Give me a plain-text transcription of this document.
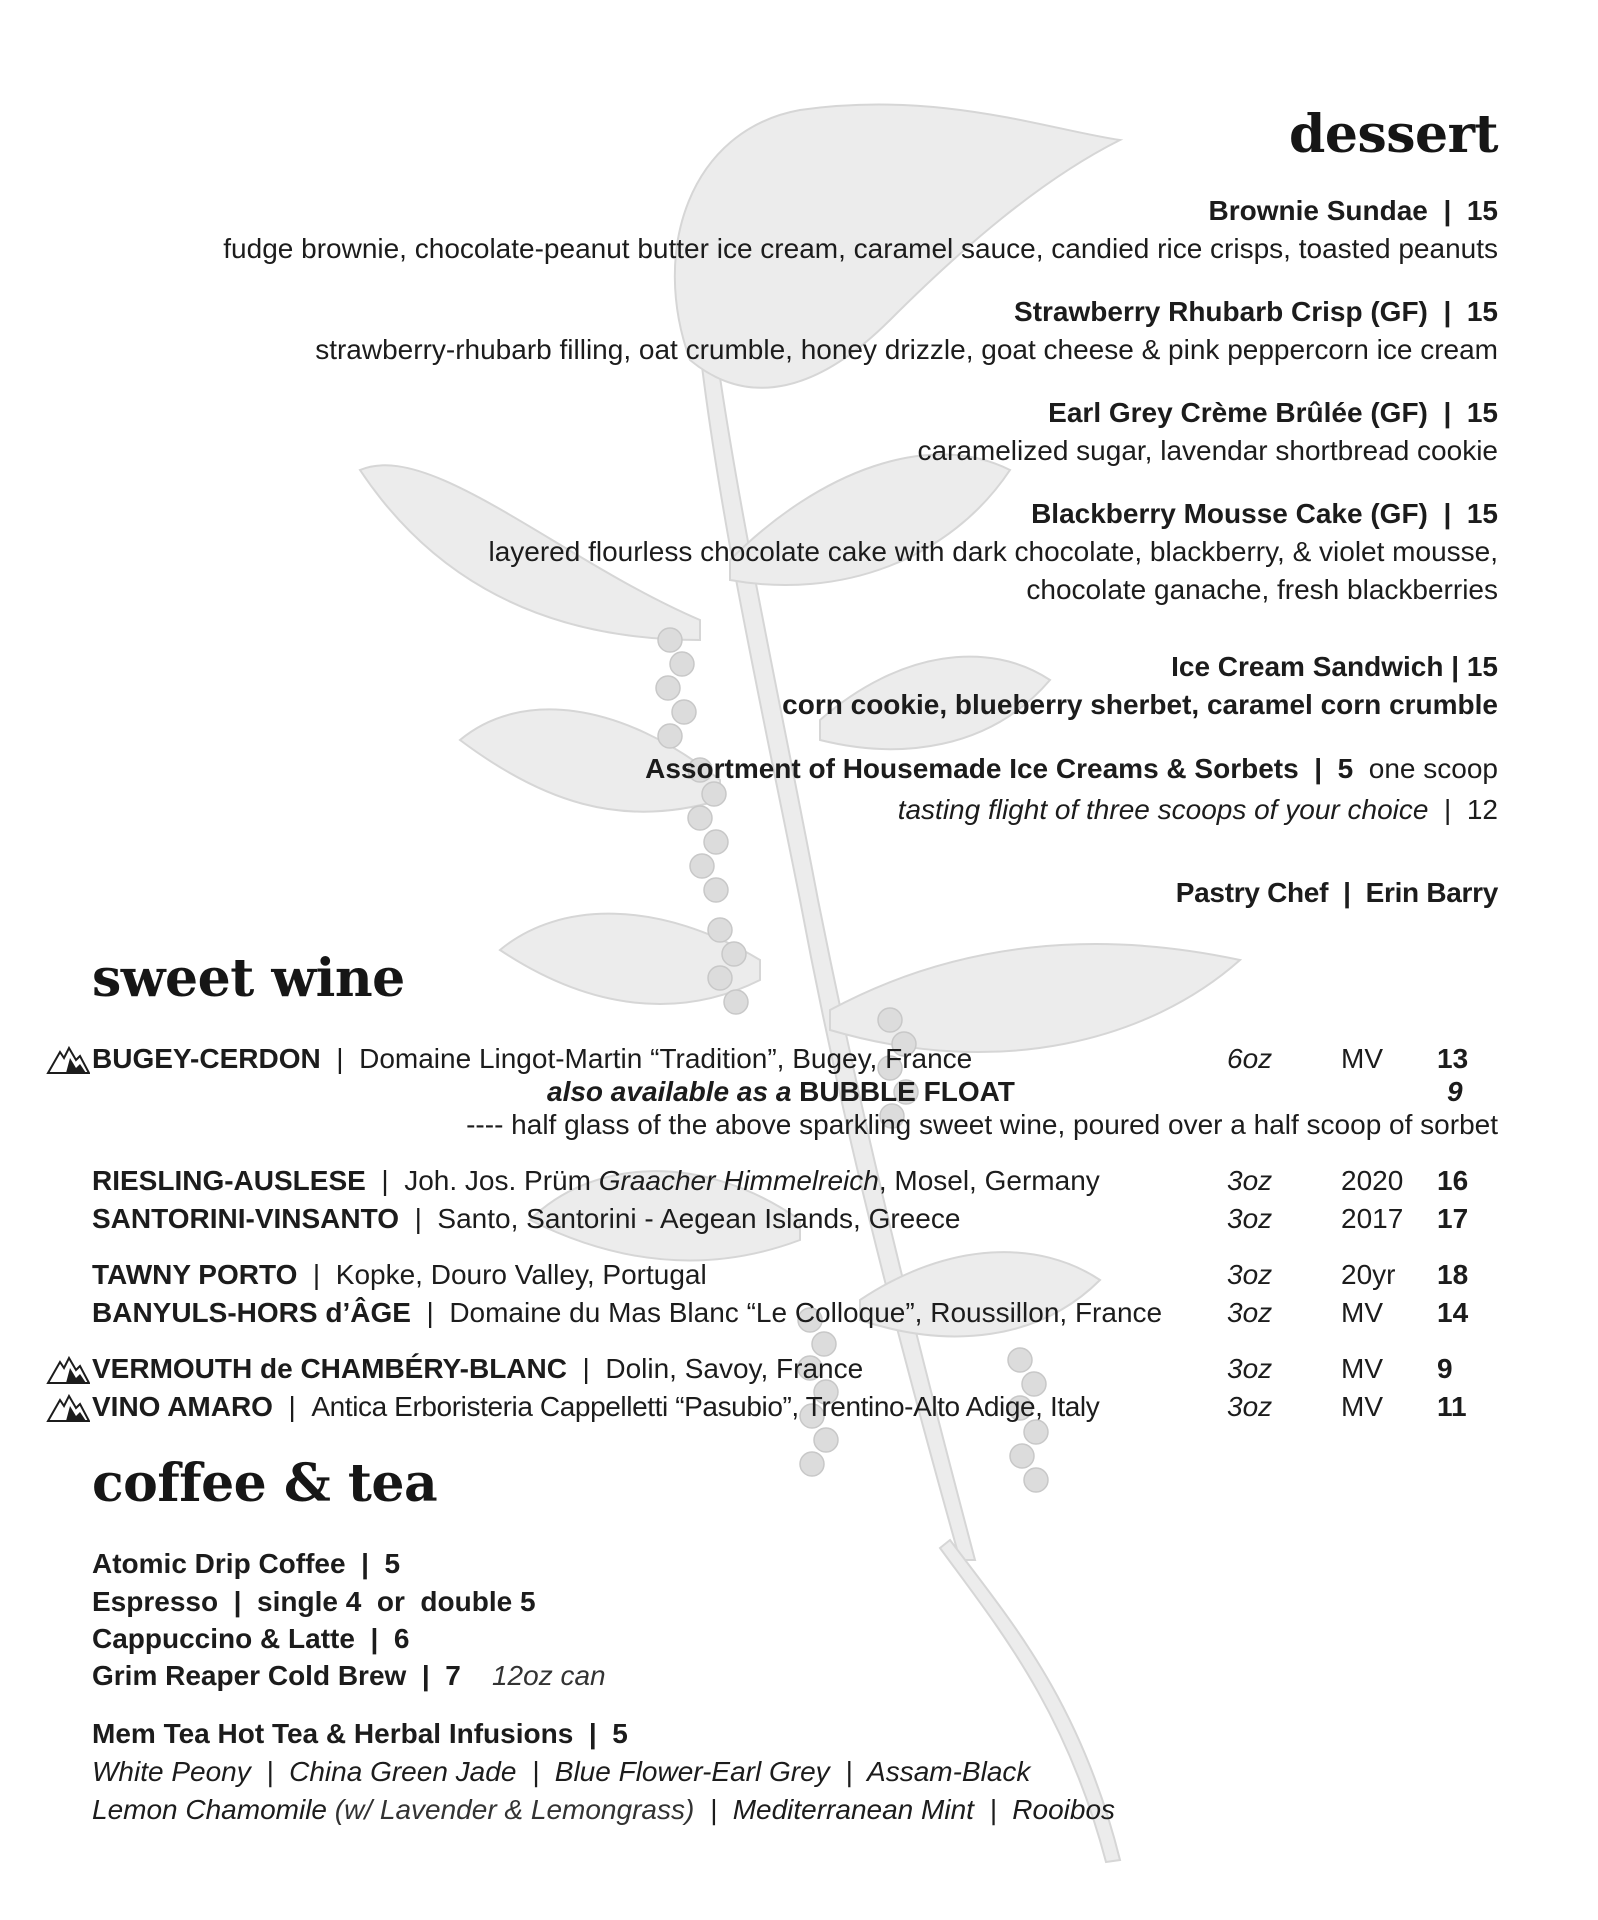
dessert
Brownie Sundae | 15
fudge brownie, chocolate-peanut butter ice cream, caramel sauce, candied rice crisps, toasted peanuts
Strawberry Rhubarb Crisp (GF) | 15
strawberry-rhubarb filling, oat crumble, honey drizzle, goat cheese & pink peppercorn ice cream
Earl Grey Crème Brûlée (GF) | 15
caramelized sugar, lavendar shortbread cookie
Blackberry Mousse Cake (GF) | 15
layered flourless chocolate cake with dark chocolate, blackberry, & violet mousse,
chocolate ganache, fresh blackberries
Ice Cream Sandwich | 15
corn cookie, blueberry sherbet, caramel corn crumble
Assortment of Housemade Ice Creams & Sorbets | 5 one scoop
tasting flight of three scoops of your choice | 12
Pastry Chef | Erin Barry
sweet wine
BUGEY-CERDON | Domaine Lingot-Martin “Tradition”, Bugey, France	6oz MV 13
also available as a BUBBLE FLOAT	9
---- half glass of the above sparkling sweet wine, poured over a half scoop of sorbet
RIESLING-AUSLESE | Joh. Jos. Prüm Graacher Himmelreich, Mosel, Germany	3oz 2020 16
SANTORINI-VINSANTO | Santo, Santorini - Aegean Islands, Greece	3oz 2017 17
TAWNY PORTO | Kopke, Douro Valley, Portugal	3oz 20yr 18
BANYULS-HORS d’ÂGE | Domaine du Mas Blanc “Le Colloque”, Roussillon, France 3oz MV 14
VERMOUTH de CHAMBÉRY-BLANC | Dolin, Savoy, France	3oz MV 9
VINO AMARO | Antica Erboristeria Cappelletti “Pasubio”, Trentino-Alto Adige, Italy	3oz MV 11
coffee & tea
Atomic Drip Coffee | 5
Espresso | single 4  or  double 5
Cappuccino & Latte | 6
Grim Reaper Cold Brew | 7 12oz can
Mem Tea Hot Tea & Herbal Infusions | 5
White Peony  |  China Green Jade  |  Blue Flower-Earl Grey  |  Assam-Black
Lemon Chamomile (w/ Lavender & Lemongrass)  |  Mediterranean Mint  |  Rooibos
